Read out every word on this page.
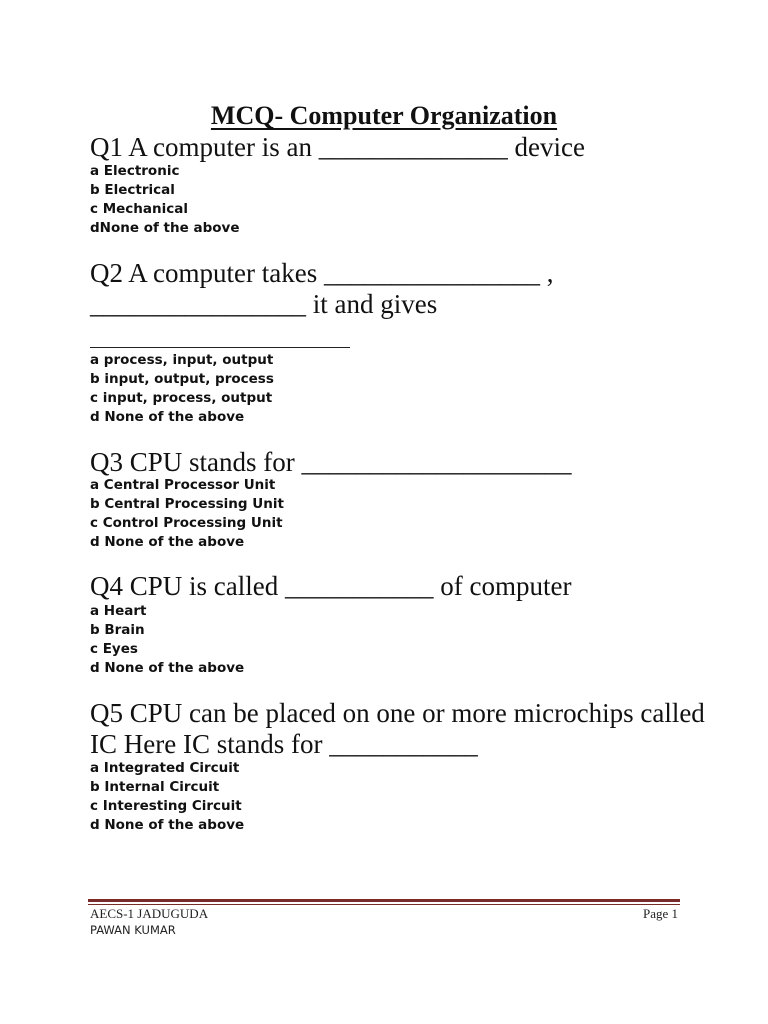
MCQ- Computer Organization

Q1 A computer is an ______________ device

a Electronic
b Electrical
c Mechanical
dNone of the above

Q2 A computer takes ________________ , ________________ it and gives

a process, input, output
b input, output, process
c input, process, output
d None of the above

Q3 CPU stands for ____________________

a Central Processor Unit
b Central Processing Unit
c Control Processing Unit
d None of the above

Q4 CPU is called ___________ of computer

a Heart
b Brain
c Eyes
d None of the above

Q5 CPU can be placed on one or more microchips called IC Here IC stands for ___________

a Integrated Circuit
b Internal Circuit
c Interesting Circuit
d None of the above
AECS-1 JADUGUDA
PAWAN KUMAR
Page 1
